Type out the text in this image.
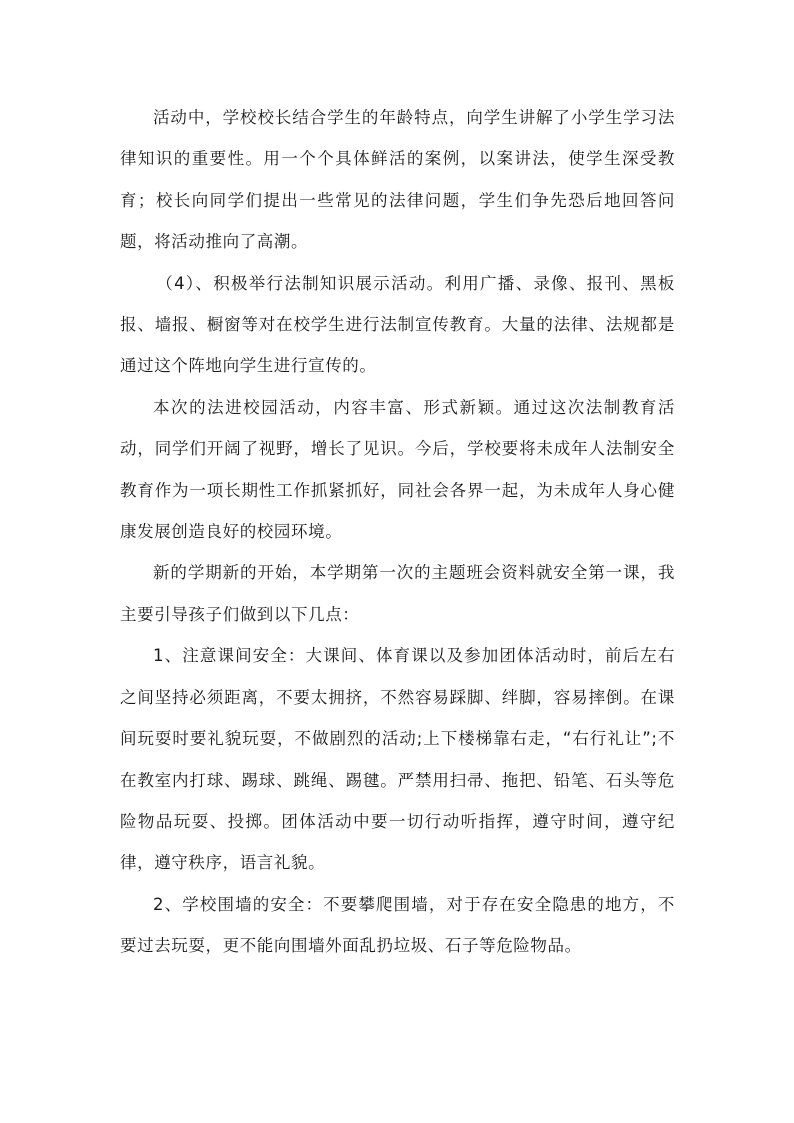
活动中，学校校长结合学生的年龄特点，向学生讲解了小学生学习法律知识的重要性。用一个个具体鲜活的案例，以案讲法，使学生深受教育；校长向同学们提出一些常见的法律问题，学生们争先恐后地回答问题，将活动推向了高潮。

（4）、积极举行法制知识展示活动。利用广播、录像、报刊、黑板报、墙报、橱窗等对在校学生进行法制宣传教育。大量的法律、法规都是通过这个阵地向学生进行宣传的。

本次的法进校园活动，内容丰富、形式新颖。通过这次法制教育活动，同学们开阔了视野，增长了见识。今后，学校要将未成年人法制安全教育作为一项长期性工作抓紧抓好，同社会各界一起，为未成年人身心健康发展创造良好的校园环境。

新的学期新的开始，本学期第一次的主题班会资料就安全第一课，我主要引导孩子们做到以下几点：

1、注意课间安全：大课间、体育课以及参加团体活动时，前后左右之间坚持必须距离，不要太拥挤，不然容易踩脚、绊脚，容易摔倒。在课间玩耍时要礼貌玩耍，不做剧烈的活动;上下楼梯靠右走，“右行礼让”;不在教室内打球、踢球、跳绳、踢毽。严禁用扫帚、拖把、铅笔、石头等危险物品玩耍、投掷。团体活动中要一切行动听指挥，遵守时间，遵守纪律，遵守秩序，语言礼貌。

2、学校围墙的安全：不要攀爬围墙，对于存在安全隐患的地方，不要过去玩耍，更不能向围墙外面乱扔垃圾、石子等危险物品。
